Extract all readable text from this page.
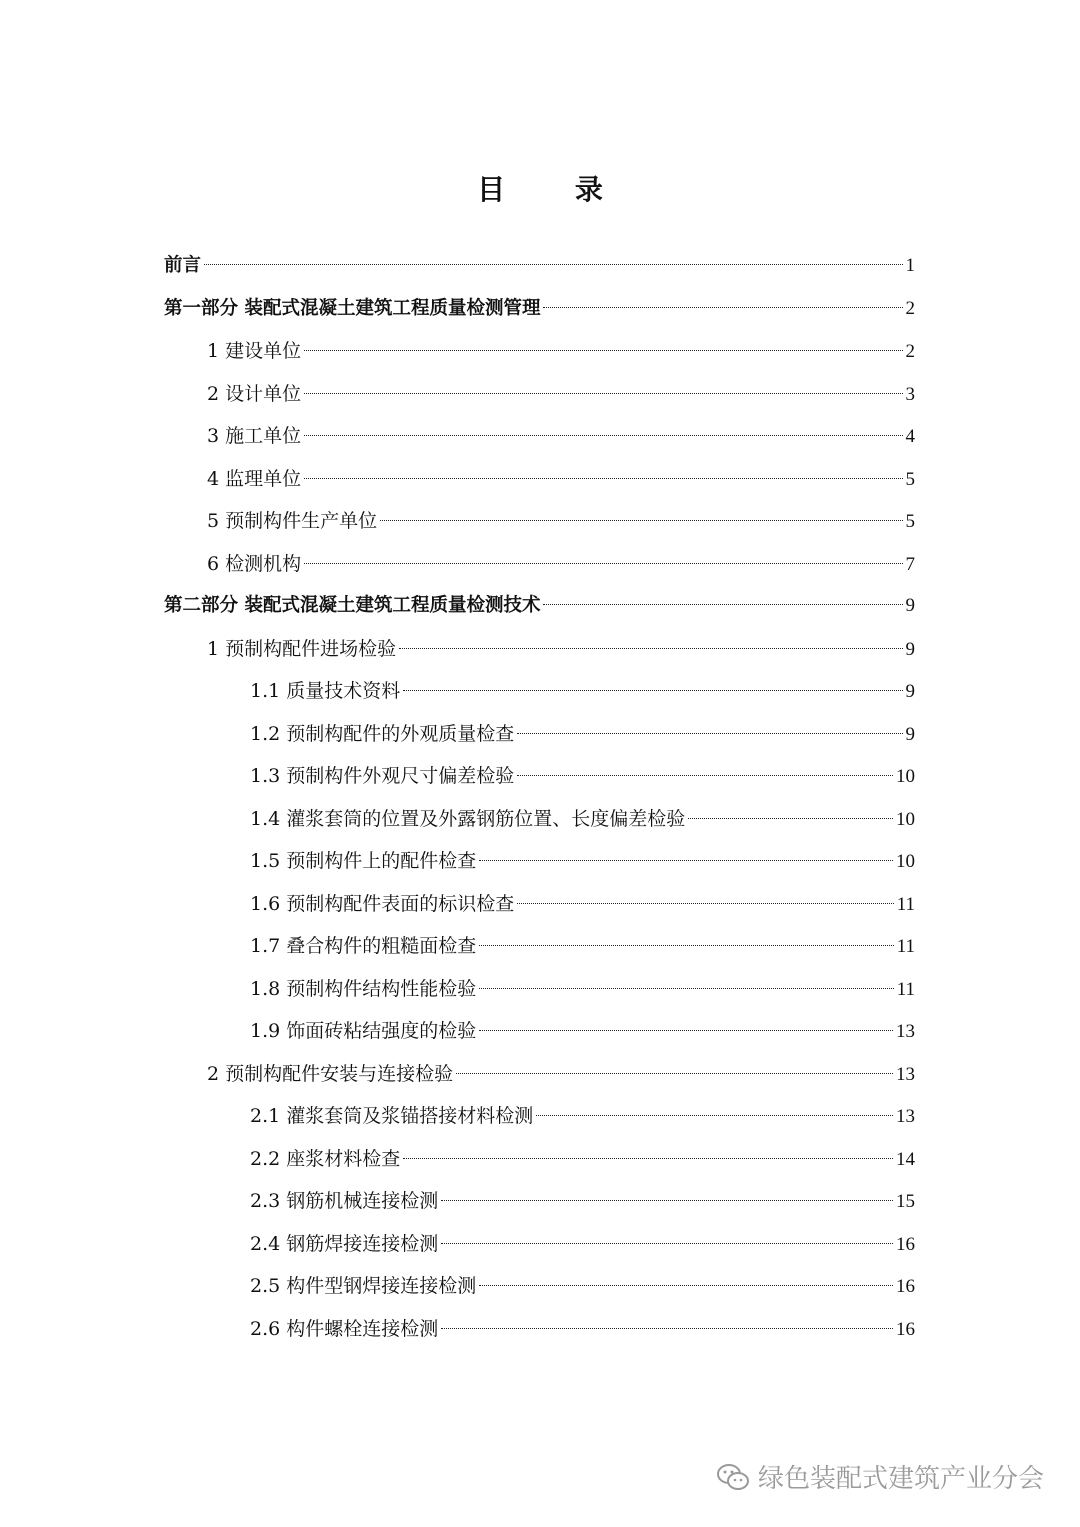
目 录
前言	1
第一部分 装配式混凝土建筑工程质量检测管理	2
1 建设单位	2
2 设计单位	3
3 施工单位	4
4 监理单位	5
5 预制构件生产单位	5
6 检测机构	7
第二部分 装配式混凝土建筑工程质量检测技术	9
1 预制构配件进场检验	9
1.1 质量技术资料	9
1.2 预制构配件的外观质量检查	9
1.3 预制构件外观尺寸偏差检验	10
1.4 灌浆套筒的位置及外露钢筋位置、长度偏差检验	10
1.5 预制构件上的配件检查	10
1.6 预制构配件表面的标识检查	11
1.7 叠合构件的粗糙面检查	11
1.8 预制构件结构性能检验	11
1.9 饰面砖粘结强度的检验	13
2 预制构配件安装与连接检验	13
2.1 灌浆套筒及浆锚搭接材料检测	13
2.2 座浆材料检查	14
2.3 钢筋机械连接检测	15
2.4 钢筋焊接连接检测	16
2.5 构件型钢焊接连接检测	16
2.6 构件螺栓连接检测	16
绿色装配式建筑产业分会
